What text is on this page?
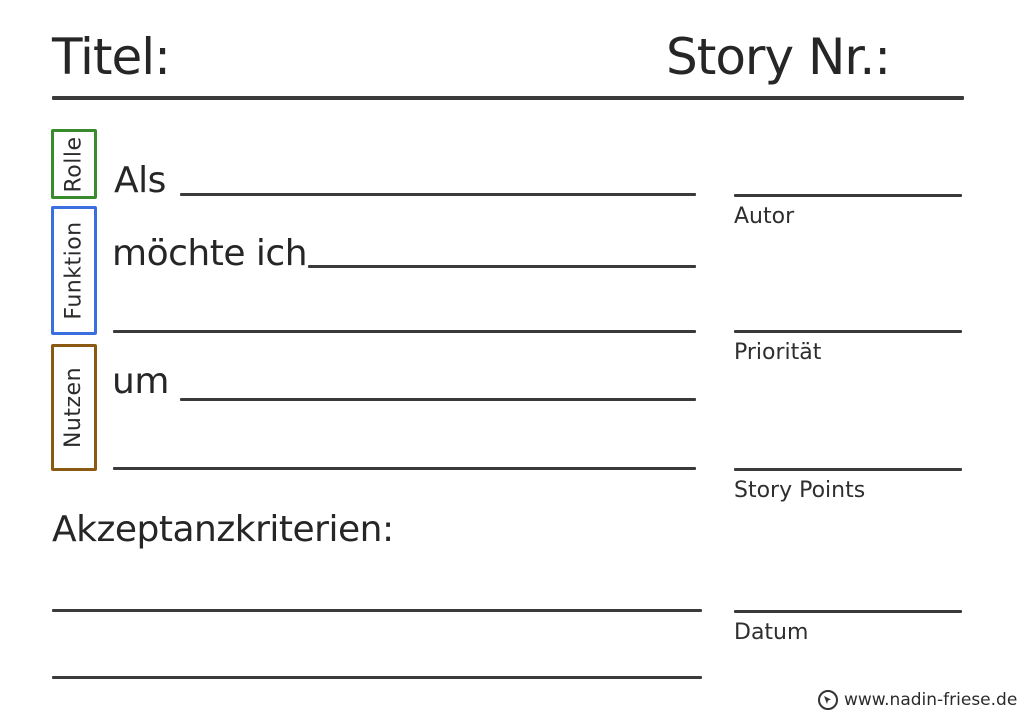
Titel:	Story Nr.:
Rolle
Funktion
Nutzen
Als
möchte ich
um
Akzeptanzkriterien:
Autor
Priorität
Story Points
Datum
www.nadin-friese.de
